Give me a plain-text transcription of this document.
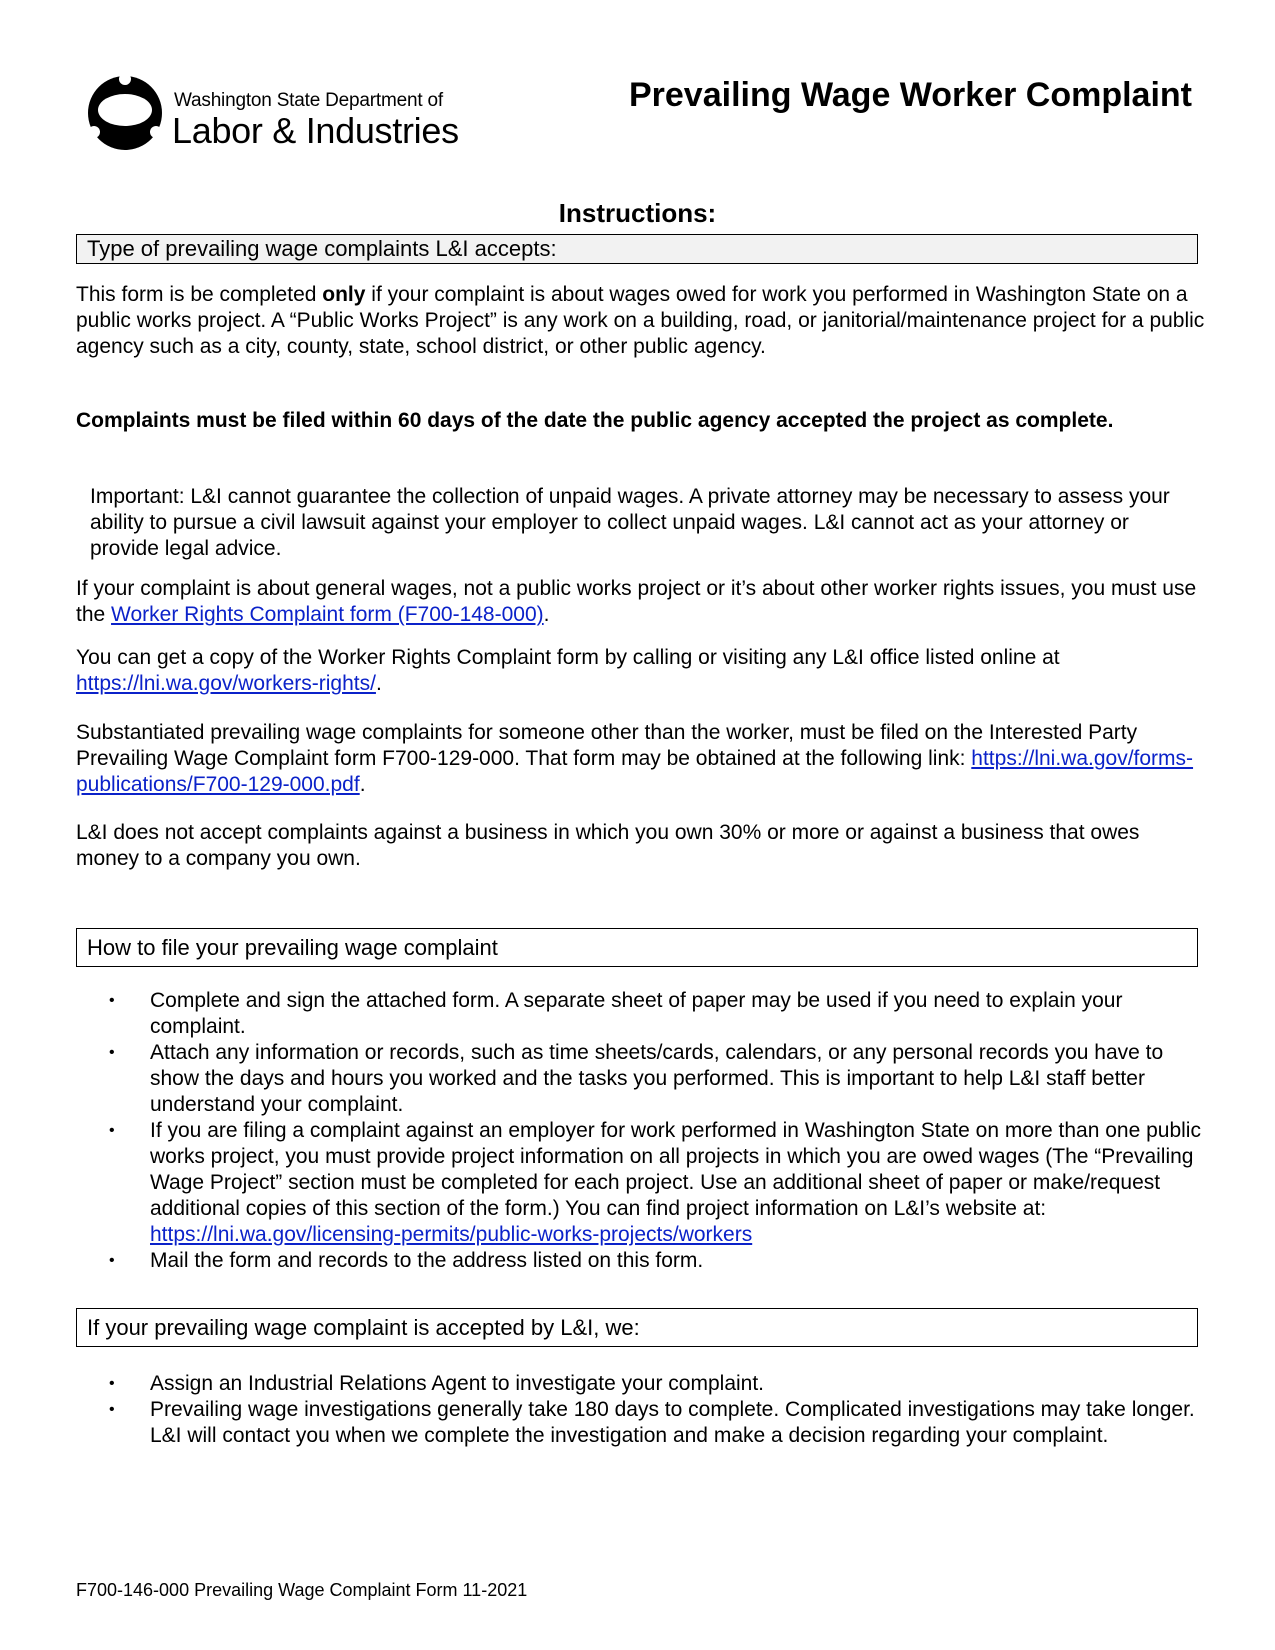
Washington State Department of
Labor & Industries
Prevailing Wage Worker Complaint
Instructions:
Type of prevailing wage complaints L&I accepts:

This form is be completed only if your complaint is about wages owed for work you performed in Washington State on a public works project. A “Public Works Project” is any work on a building, road, or janitorial/maintenance project for a public agency such as a city, county, state, school district, or other public agency.

Complaints must be filed within 60 days of the date the public agency accepted the project as complete.

Important: L&I cannot guarantee the collection of unpaid wages. A private attorney may be necessary to assess your ability to pursue a civil lawsuit against your employer to collect unpaid wages. L&I cannot act as your attorney or provide legal advice.

If your complaint is about general wages, not a public works project or it’s about other worker rights issues, you must use the Worker Rights Complaint form (F700-148-000).

You can get a copy of the Worker Rights Complaint form by calling or visiting any L&I office listed online at https://lni.wa.gov/workers-rights/.

Substantiated prevailing wage complaints for someone other than the worker, must be filed on the Interested Party Prevailing Wage Complaint form F700-129-000. That form may be obtained at the following link: https://lni.wa.gov/forms-publications/F700-129-000.pdf.

L&I does not accept complaints against a business in which you own 30% or more or against a business that owes money to a company you own.

How to file your prevailing wage complaint
• Complete and sign the attached form. A separate sheet of paper may be used if you need to explain your complaint.
• Attach any information or records, such as time sheets/cards, calendars, or any personal records you have to show the days and hours you worked and the tasks you performed. This is important to help L&I staff better understand your complaint.
• If you are filing a complaint against an employer for work performed in Washington State on more than one public works project, you must provide project information on all projects in which you are owed wages (The “Prevailing Wage Project” section must be completed for each project. Use an additional sheet of paper or make/request additional copies of this section of the form.) You can find project information on L&I’s website at: https://lni.wa.gov/licensing-permits/public-works-projects/workers
• Mail the form and records to the address listed on this form.
If your prevailing wage complaint is accepted by L&I, we:
• Assign an Industrial Relations Agent to investigate your complaint.
• Prevailing wage investigations generally take 180 days to complete. Complicated investigations may take longer. L&I will contact you when we complete the investigation and make a decision regarding your complaint.
F700-146-000 Prevailing Wage Complaint Form 11-2021
